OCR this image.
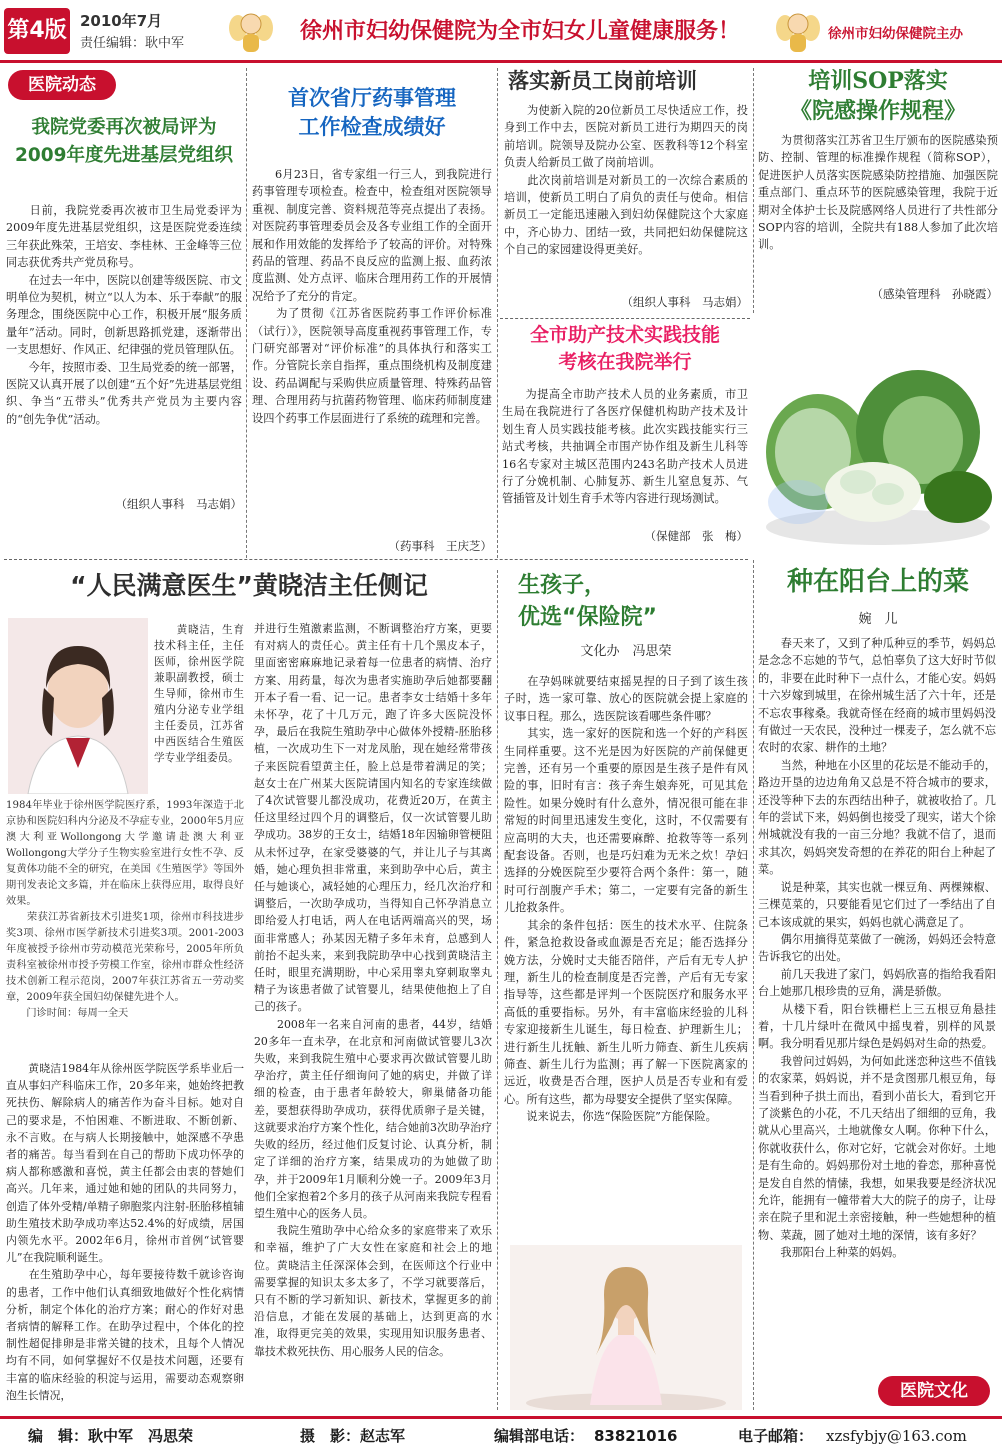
第4版 2010年7月
责任编辑：耿中军	徐州市妇幼保健院为全市妇女儿童健康服务！	徐州市妇幼保健院主办
医院动态
我院党委再次被局评为
2009年度先进基层党组织
　　日前，我院党委再次被市卫生局党委评为2009年度先进基层党组织，这是医院党委连续三年获此殊荣，王培安、李桂林、王金峰等三位同志获优秀共产党员称号。
　　在过去一年中，医院以创建等级医院、市文明单位为契机，树立“以人为本、乐于奉献”的服务理念，围绕医院中心工作，积极开展“服务质量年”活动。同时，创新思路抓党建，逐渐带出一支思想好、作风正、纪律强的党员管理队伍。
　　今年，按照市委、卫生局党委的统一部署，医院又认真开展了以创建“五个好”先进基层党组织、争当“五带头”优秀共产党员为主要内容的“创先争优”活动。
（组织人事科　马志娟）
首次省厅药事管理
工作检查成绩好
　　6月23日，省专家组一行三人，到我院进行药事管理专项检查。检查中，检查组对医院领导重视、制度完善、资料规范等亮点提出了表扬。对医院药事管理委员会及各专业组工作的全面开展和作用效能的发挥给予了较高的评价。对特殊药品的管理、药品不良反应的监测上报、血药浓度监测、处方点评、临床合理用药工作的开展情况给予了充分的肯定。
　　为了贯彻《江苏省医院药事工作评价标准（试行）》，医院领导高度重视药事管理工作，专门研究部署对“评价标准”的具体执行和落实工作。分管院长亲自指挥，重点围绕机构及制度建设、药品调配与采购供应质量管理、特殊药品管理、合理用药与抗菌药物管理、临床药师制度建设四个药事工作层面进行了系统的疏理和完善。
（药事科　王庆芝）
落实新员工岗前培训
　　为使新入院的20位新员工尽快适应工作，投身到工作中去，医院对新员工进行为期四天的岗前培训。院领导及院办公室、医教科等12个科室负责人给新员工做了岗前培训。
　　此次岗前培训是对新员工的一次综合素质的培训，使新员工明白了肩负的责任与使命。相信新员工一定能迅速融入到妇幼保健院这个大家庭中，齐心协力、团结一致，共同把妇幼保健院这个自己的家园建设得更美好。
（组织人事科　马志娟）
培训SOP落实
《院感操作规程》
　　为贯彻落实江苏省卫生厅颁布的医院感染预防、控制、管理的标准操作规程（简称SOP），促进医护人员落实医院感染防控措施、加强医院重点部门、重点环节的医院感染管理，我院于近期对全体护士长及院感网络人员进行了共性部分SOP内容的培训，全院共有188人参加了此次培训。
（感染管理科　孙晓霞）
全市助产技术实践技能
考核在我院举行
　　为提高全市助产技术人员的业务素质，市卫生局在我院进行了各医疗保健机构助产技术及计划生育人员实践技能考核。此次实践技能实行三站式考核，共抽调全市围产协作组及新生儿科等16名专家对主城区范围内243名助产技术人员进行了分娩机制、心肺复苏、新生儿窒息复苏、气管插管及计划生育手术等内容进行现场测试。
（保健部　张　梅）
“人民满意医生”黄晓洁主任侧记
　　黄晓洁，生育技术科主任，主任医师，徐州医学院兼职副教授，硕士生导师，徐州市生殖内分泌专业学组主任委员，江苏省中西医结合生殖医学专业学组委员。
1984年毕业于徐州医学院医疗系，1993年深造于北京协和医院妇科内分泌及不孕症专业，2000年5月应澳大利亚Wollongong大学邀请赴澳大利亚Wollongong大学分子生物实验室进行女性不孕、反复黄体功能不全的研究，在美国《生殖医学》等国外期刊发表论文多篇，并在临床上获得应用，取得良好效果。
　　荣获江苏省新技术引进奖1项，徐州市科技进步奖3项、徐州市医学新技术引进奖3项。2001-2003年度被授予徐州市劳动模范光荣称号，2005年所负责科室被徐州市授予劳模工作室，徐州市群众性经济技术创新工程示范岗，2007年获江苏省五一劳动奖章，2009年获全国妇幼保健先进个人。
　　门诊时间：每周一全天
　　黄晓洁1984年从徐州医学院医学系毕业后一直从事妇产科临床工作，20多年来，她始终把教死扶伤、解除病人的痛苦作为奋斗目标。她对自己的要求是，不怕困难、不断进取、不断创新、永不言败。在与病人长期接触中，她深感不孕患者的痛苦。每当看到在自己的帮助下成功怀孕的病人都称感激和喜悦，黄主任都会由衷的替她们高兴。几年来，通过她和她的团队的共同努力，创造了体外受精/单精子卵胞浆内注射-胚胎移植辅助生殖技术助孕成功率达52.4%的好成绩，居国内领先水平。2002年6月，徐州市首例“试管婴儿”在我院顺利诞生。
　　在生殖助孕中心，每年要接待数千就诊咨询的患者，工作中他们认真细致地做好个性化病情分析，制定个体化的治疗方案；耐心的作好对患者病情的解释工作。在助孕过程中，个体化的控制性超促排卵是非常关键的技术，且每个人情况均有不同，如何掌握好不仅是技术问题，还要有丰富的临床经验的积淀与运用，需要动态观察卵泡生长情况，
并进行生殖激素监测，不断调整治疗方案，更要有对病人的责任心。黄主任有十几个黑皮本子，里面密密麻麻地记录着每一位患者的病情、治疗方案、用药量，每次为患者实施助孕后她都要翻开本子看一看、记一记。患者李女士结婚十多年未怀孕，花了十几万元，跑了许多大医院没怀孕，最后在我院生殖助孕中心做体外授精-胚胎移植，一次成功生下一对龙凤胎，现在她经常带孩子来医院看望黄主任，脸上总是带着满足的笑；赵女士在广州某大医院请国内知名的专家连续做了4次试管婴儿都没成功，花费近20万，在黄主任这里经过四个月的调整后，仅一次试管婴儿助孕成功。38岁的王女士，结婚18年因输卵管梗阻从未怀过孕，在家受婆婆的气，并让儿子与其离婚，她心理负担非常重，来到助孕中心后，黄主任与她谈心，减轻她的心理压力，经几次治疗和调整后，一次助孕成功，当得知自己怀孕消息立即给爱人打电话，两人在电话两端高兴的哭，场面非常感人；孙某因无精子多年未育，总感到人前抬不起头来，来到我院助孕中心找到黄晓洁主任时，眼里充满期盼，中心采用睾丸穿刺取睾丸精子为该患者做了试管婴儿，结果使他抱上了自己的孩子。
　　2008年一名来自河南的患者，44岁，结婚20多年一直未孕，在北京和河南做试管婴儿3次失败，来到我院生殖中心要求再次做试管婴儿助孕治疗，黄主任仔细询问了她的病史，并做了详细的检查，由于患者年龄较大，卵巢储备功能差，要想获得助孕成功，获得优质卵子是关键，这就要求治疗方案个性化，结合她前3次助孕治疗失败的经历，经过他们反复讨论、认真分析，制定了详细的治疗方案，结果成功的为她做了助孕，并于2009年1月顺利分娩一子。2009年3月他们全家抱着2个多月的孩子从河南来我院专程看望生殖中心的医务人员。
　　我院生殖助孕中心给众多的家庭带来了欢乐和幸福，维护了广大女性在家庭和社会上的地位。黄晓洁主任深深体会到，在医师这个行业中需要掌握的知识太多太多了，不学习就要落后，只有不断的学习新知识、新技术，掌握更多的前沿信息，才能在发展的基础上，达到更高的水准，取得更完美的效果，实现用知识服务患者、靠技术救死扶伤、用心服务人民的信念。
生孩子，
优选“保险院”
文化办　冯思荣
　　在孕妈咪就要结束摇晃捏的日子到了该生孩子时，选一家可靠、放心的医院就会提上家庭的议事日程。那么，选医院该看哪些条件哪？
　　其实，选一家好的医院和选一个好的产科医生同样重要。这不光是因为好医院的产前保健更完善，还有另一个重要的原因是生孩子是件有风险的事，旧时有言：孩子奔生娘奔死，可见其危险性。如果分娩时有什么意外，情况很可能在非常短的时间里迅速发生变化，这时，不仅需要有应高明的大夫，也还需要麻醉、抢救等等一系列配套设备。否则，也是巧妇难为无米之炊！孕妇选择的分娩医院至少要符合两个条件：第一，随时可行剖腹产手术；第二，一定要有完备的新生儿抢救条件。
　　其余的条件包括：医生的技术水平、住院条件，紧急抢救设备或血源是否充足；能否选择分娩方法，分娩时丈夫能否陪伴，产后有无专人护理，新生儿的检查制度是否完善，产后有无专家指导等，这些都是评判一个医院医疗和服务水平高低的重要指标。另外，有丰富临床经验的儿科专家迎接新生儿诞生，每日检查、护理新生儿；进行新生儿抚触、新生儿听力筛查、新生儿疾病筛查、新生儿行为监测；再了解一下医院离家的远近，收费是否合理，医护人员是否专业和有爱心。所有这些，都为母婴安全提供了坚实保障。
　　说来说去，你选“保险医院”方能保险。
种在阳台上的菜
婉　儿
　　春天来了，又到了种瓜种豆的季节，妈妈总是念念不忘她的节气，总怕辜负了这大好时节似的，非要在此时种下一点什么，才能心安。妈妈十六岁嫁到城里，在徐州城生活了六十年，还是不忘农事稼桑。我就奇怪在经商的城市里妈妈没有做过一天农民，没种过一棵麦子，怎么就不忘农时的农家、耕作的土地？
　　当然，种地在小区里的花坛是不能动手的，路边开垦的边边角角又总是不符合城市的要求，还没等种下去的东西结出种子，就被收拾了。几年的尝试下来，妈妈倒也接受了现实，诺大个徐州城就没有我的一亩三分地？我就不信了，退而求其次，妈妈突发奇想的在养花的阳台上种起了菜。
　　说是种菜，其实也就一棵豆角、两棵辣椒、三棵苋菜的，只要能看见它们过了一季结出了自己本该成就的果实，妈妈也就心满意足了。
　　偶尔用摘得苋菜做了一碗汤，妈妈还会特意告诉我它的出处。
　　前几天我进了家门，妈妈欣喜的指给我看阳台上她那几根珍贵的豆角，满是骄傲。
　　从楼下看，阳台铁栅栏上三五根豆角悬挂着，十几片绿叶在微风中摇曳着，别样的风景啊。我分明看见那片绿色是妈妈对生命的热爱。
　　我曾问过妈妈，为何如此迷恋种这些不值钱的农家菜，妈妈说，并不是贪图那几根豆角，每当看到种子拱土而出，看到小苗长大，看到它开了淡紫色的小花，不几天结出了细细的豆角，我就从心里高兴，土地就像女人啊。你种下什么，你就收获什么，你对它好，它就会对你好。土地是有生命的。妈妈那份对土地的眷恋，那种喜悦是发自自然的情愫，我想，如果我要是经济状况允许，能拥有一幢带着大大的院子的房子，让母亲在院子里和泥土亲密接触，种一些她想种的植物、菜蔬，圆了她对土地的深情，该有多好？
　　我那阳台上种菜的妈妈。
医院文化
编　辑：耿中军　冯思荣	摄　影：赵志军	编辑部电话： 83821016	电子邮箱： xzsfybjy@163.com
